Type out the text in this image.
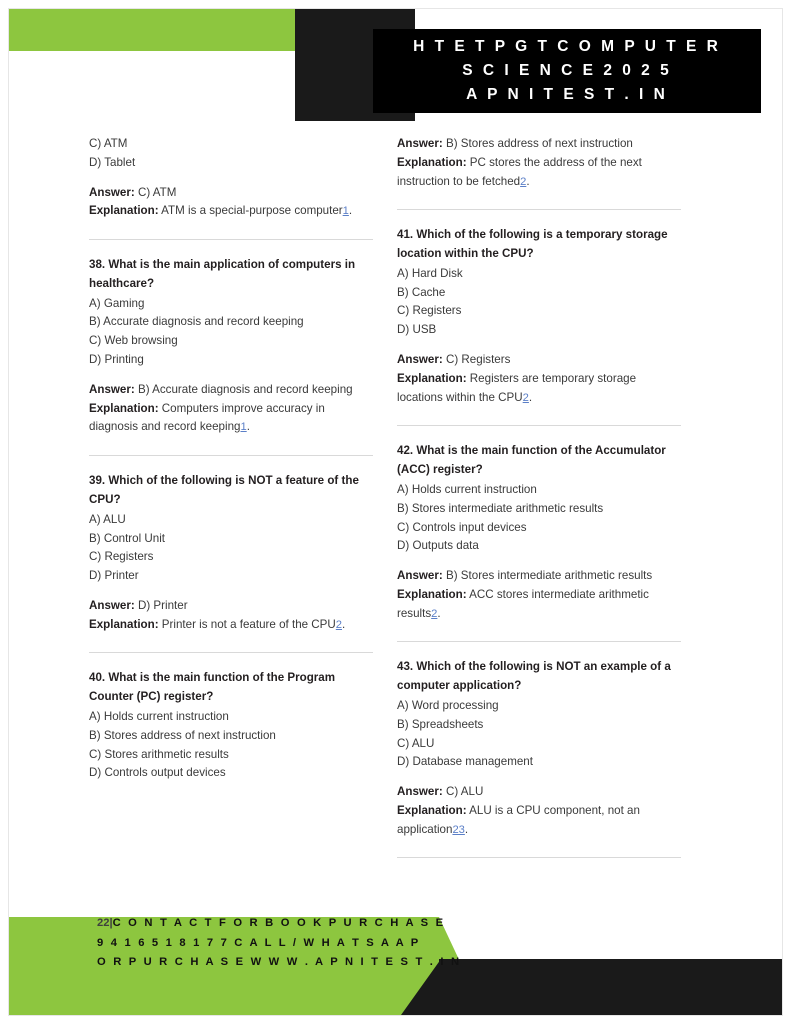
H T E T P G T C O M P U T E R
S C I E N C E 2 0 2 5
A P N I T E S T . I N

C) ATM

D) Tablet

Answer: C) ATM

Explanation: ATM is a special-purpose computer1.

38. What is the main application of computers in healthcare?

A) Gaming

B) Accurate diagnosis and record keeping

C) Web browsing

D) Printing

Answer: B) Accurate diagnosis and record keeping

Explanation: Computers improve accuracy in diagnosis and record keeping1.

39. Which of the following is NOT a feature of the CPU?

A) ALU

B) Control Unit

C) Registers

D) Printer

Answer: D) Printer

Explanation: Printer is not a feature of the CPU2.

40. What is the main function of the Program Counter (PC) register?

A) Holds current instruction

B) Stores address of next instruction

C) Stores arithmetic results

D) Controls output devices

Answer: B) Stores address of next instruction

Explanation: PC stores the address of the next instruction to be fetched2.

41. Which of the following is a temporary storage location within the CPU?

A) Hard Disk

B) Cache

C) Registers

D) USB

Answer: C) Registers

Explanation: Registers are temporary storage locations within the CPU2.

42. What is the main function of the Accumulator (ACC) register?

A) Holds current instruction

B) Stores intermediate arithmetic results

C) Controls input devices

D) Outputs data

Answer: B) Stores intermediate arithmetic results

Explanation: ACC stores intermediate arithmetic results2.

43. Which of the following is NOT an example of a computer application?

A) Word processing

B) Spreadsheets

C) ALU

D) Database management

Answer: C) ALU

Explanation: ALU is a CPU component, not an application23.

22|C O N T A C T F O R B O O K P U R C H A S E
9 4 1 6 5 1 8 1 7 7 C A L L / W H A T S A A P
O R P U R C H A S E W W W . A P N I T E S T . I N
